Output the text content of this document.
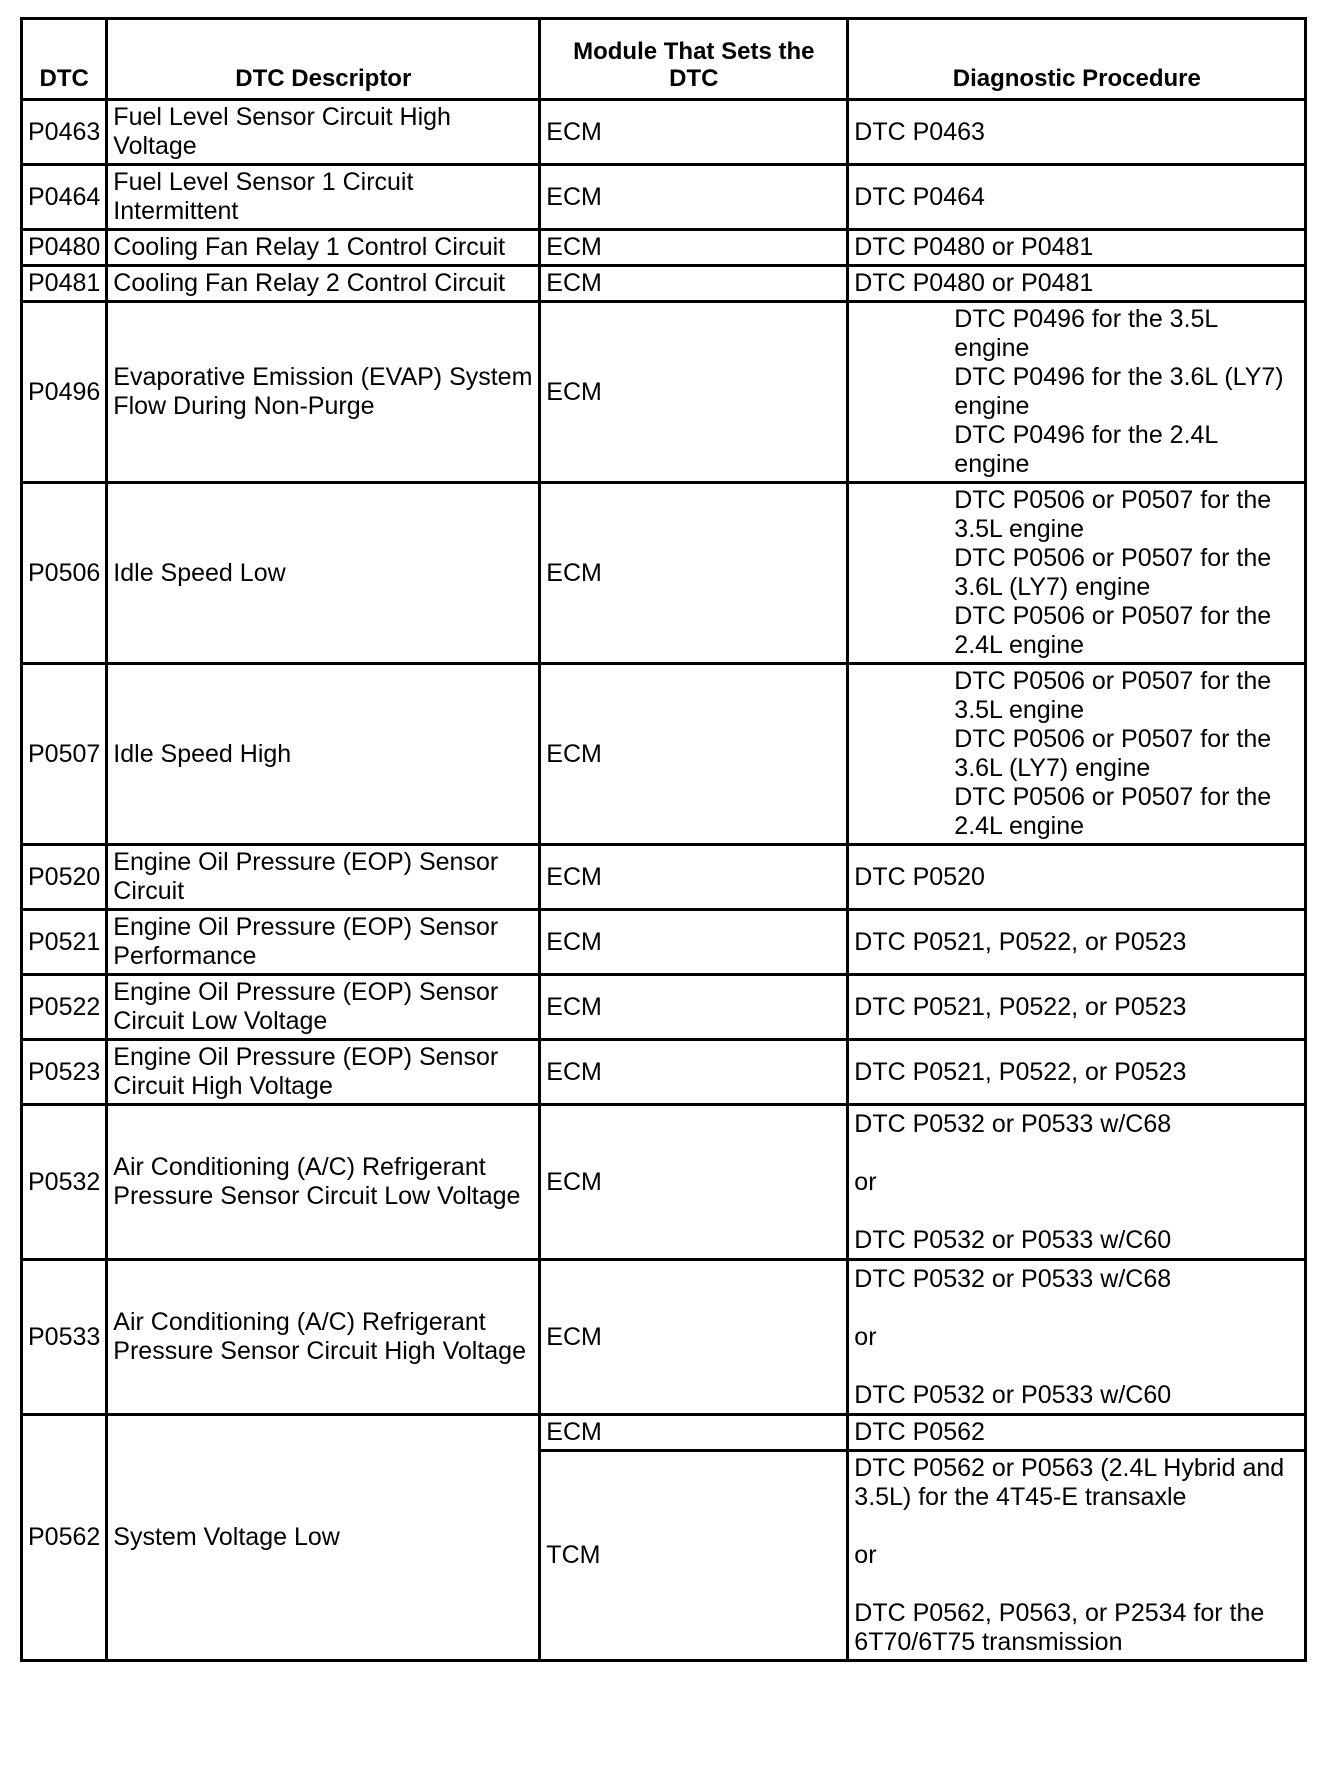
DTC	DTC Descriptor	Module That Sets the DTC	Diagnostic Procedure
P0463	Fuel Level Sensor Circuit High Voltage	ECM	DTC P0463

P0464	Fuel Level Sensor 1 Circuit Intermittent	ECM	DTC P0464

P0480	Cooling Fan Relay 1 Control Circuit	ECM	DTC P0480 or P0481

P0481	Cooling Fan Relay 2 Control Circuit	ECM	DTC P0480 or P0481

P0496	Evaporative Emission (EVAP) System Flow During Non-Purge	ECM	DTC P0496 for the 3.5L engine
DTC P0496 for the 3.6L (LY7) engine
DTC P0496 for the 2.4L engine

P0506	Idle Speed Low	ECM	DTC P0506 or P0507 for the 3.5L engine
DTC P0506 or P0507 for the 3.6L (LY7) engine
DTC P0506 or P0507 for the 2.4L engine

P0507	Idle Speed High	ECM	DTC P0506 or P0507 for the 3.5L engine
DTC P0506 or P0507 for the 3.6L (LY7) engine
DTC P0506 or P0507 for the 2.4L engine

P0520	Engine Oil Pressure (EOP) Sensor Circuit	ECM	DTC P0520

P0521	Engine Oil Pressure (EOP) Sensor Performance	ECM	DTC P0521, P0522, or P0523

P0522	Engine Oil Pressure (EOP) Sensor Circuit Low Voltage	ECM	DTC P0521, P0522, or P0523

P0523	Engine Oil Pressure (EOP) Sensor Circuit High Voltage	ECM	DTC P0521, P0522, or P0523

P0532	Air Conditioning (A/C) Refrigerant Pressure Sensor Circuit Low Voltage	ECM	DTC P0532 or P0533 w/C68
or
DTC P0532 or P0533 w/C60

P0533	Air Conditioning (A/C) Refrigerant Pressure Sensor Circuit High Voltage	ECM	DTC P0532 or P0533 w/C68
or
DTC P0532 or P0533 w/C60

P0562	System Voltage Low	ECM	DTC P0562

		TCM	DTC P0562 or P0563 (2.4L Hybrid and 3.5L) for the 4T45-E transaxle
or
DTC P0562, P0563, or P2534 for the 6T70/6T75 transmission
